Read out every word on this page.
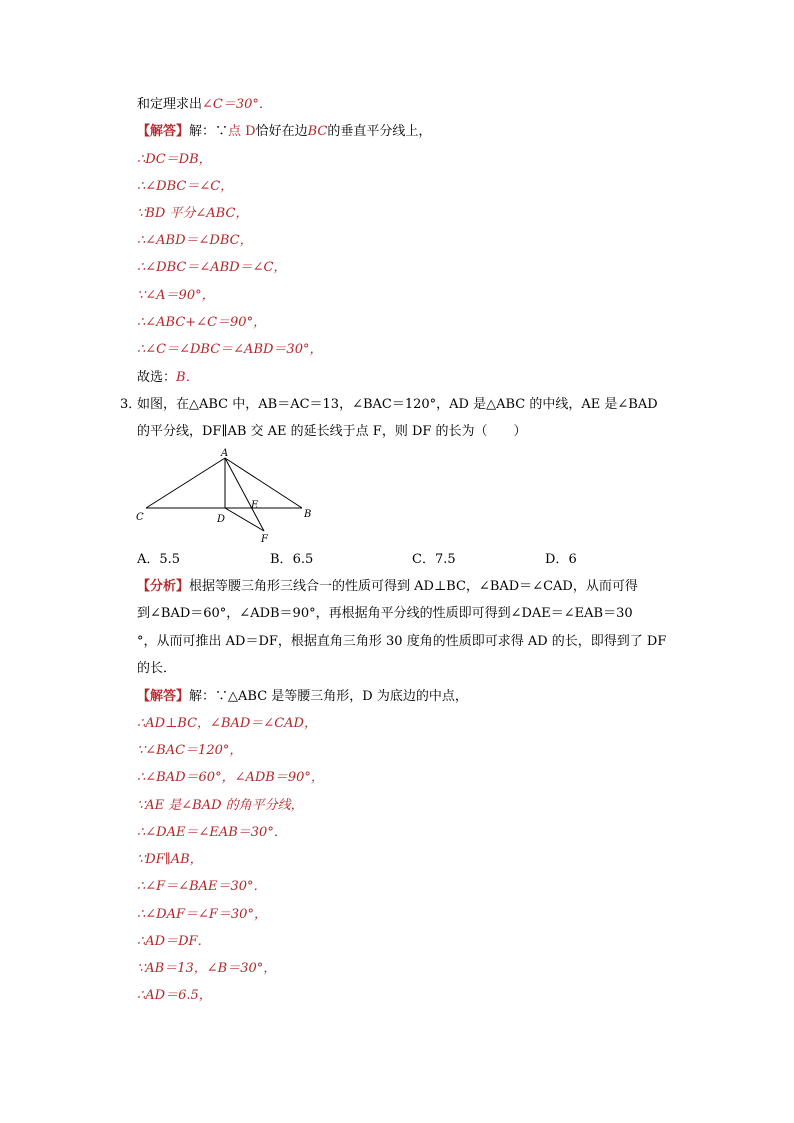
和定理求出∠C＝30°．
【解答】解：∵点 D恰好在边BC的垂直平分线上，
∴DC＝DB，
∴∠DBC＝∠C，
∵BD 平分∠ABC，
∴∠ABD＝∠DBC，
∴∠DBC＝∠ABD＝∠C，
∵∠A＝90°，
∴∠ABC+∠C＝90°，
∴∠C＝∠DBC＝∠ABD＝30°，
故选：B．
3．
如图，在△ABC 中，AB＝AC＝13，∠BAC＝120°，AD 是△ABC 的中线，AE 是∠BAD
的平分线，DF∥AB 交 AE 的延长线于点 F，则 DF 的长为（　　）
A
C	B
D
E
F
A．5.5	B．6.5	C．7.5	D．6
【分析】根据等腰三角形三线合一的性质可得到 AD⊥BC，∠BAD＝∠CAD，从而可得
到∠BAD＝60°，∠ADB＝90°，再根据角平分线的性质即可得到∠DAE＝∠EAB＝30
°，从而可推出 AD＝DF，根据直角三角形 30 度角的性质即可求得 AD 的长，即得到了 DF
的长．
【解答】解：∵△ABC 是等腰三角形，D 为底边的中点，
∴AD⊥BC，∠BAD＝∠CAD，
∵∠BAC＝120°，
∴∠BAD＝60°，∠ADB＝90°，
∵AE 是∠BAD 的角平分线，
∴∠DAE＝∠EAB＝30°．
∵DF∥AB，
∴∠F＝∠BAE＝30°．
∴∠DAF＝∠F＝30°，
∴AD＝DF．
∵AB＝13，∠B＝30°，
∴AD＝6.5，
